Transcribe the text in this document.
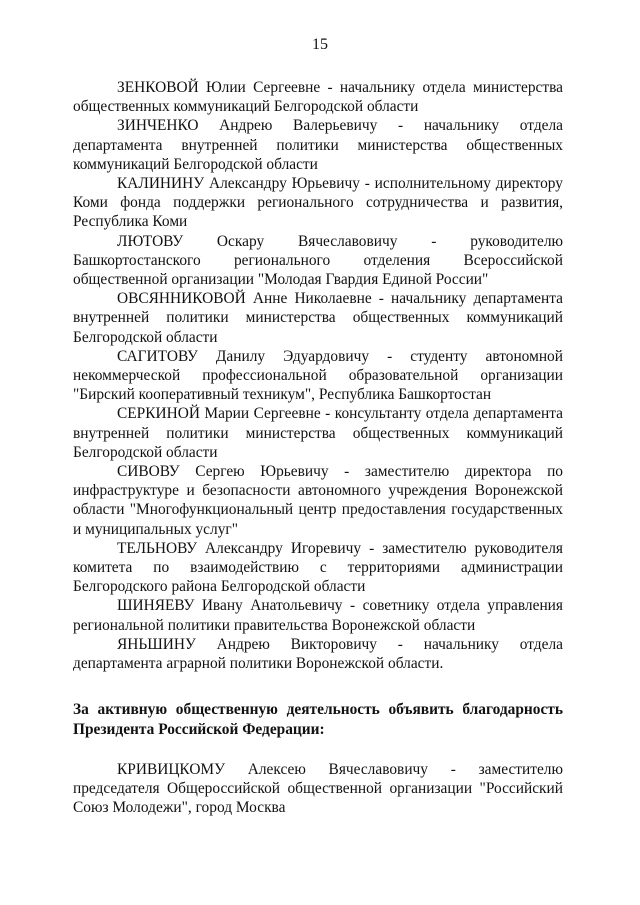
15

ЗЕНКОВОЙ Юлии Сергеевне - начальнику отдела министерства общественных коммуникаций Белгородской области

ЗИНЧЕНКО Андрею Валерьевичу - начальнику отдела департамента внутренней политики министерства общественных коммуникаций Белгородской области

КАЛИНИНУ Александру Юрьевичу - исполнительному директору Коми фонда поддержки регионального сотрудничества и развития, Республика Коми

ЛЮТОВУ Оскару Вячеславовичу - руководителю Башкортостанского регионального отделения Всероссийской общественной организации "Молодая Гвардия Единой России"

ОВСЯННИКОВОЙ Анне Николаевне - начальнику департамента внутренней политики министерства общественных коммуникаций Белгородской области

САГИТОВУ Данилу Эдуардовичу - студенту автономной некоммерческой профессиональной образовательной организации "Бирский кооперативный техникум", Республика Башкортостан

СЕРКИНОЙ Марии Сергеевне - консультанту отдела департамента внутренней политики министерства общественных коммуникаций Белгородской области

СИВОВУ Сергею Юрьевичу - заместителю директора по инфраструктуре и безопасности автономного учреждения Воронежской области "Многофункциональный центр предоставления государственных и муниципальных услуг"

ТЕЛЬНОВУ Александру Игоревичу - заместителю руководителя комитета по взаимодействию с территориями администрации Белгородского района Белгородской области

ШИНЯЕВУ Ивану Анатольевичу - советнику отдела управления региональной политики правительства Воронежской области

ЯНЬШИНУ Андрею Викторовичу - начальнику отдела департамента аграрной политики Воронежской области.

За активную общественную деятельность объявить благодарность Президента Российской Федерации:

КРИВИЦКОМУ Алексею Вячеславовичу - заместителю председателя Общероссийской общественной организации "Российский Союз Молодежи", город Москва
